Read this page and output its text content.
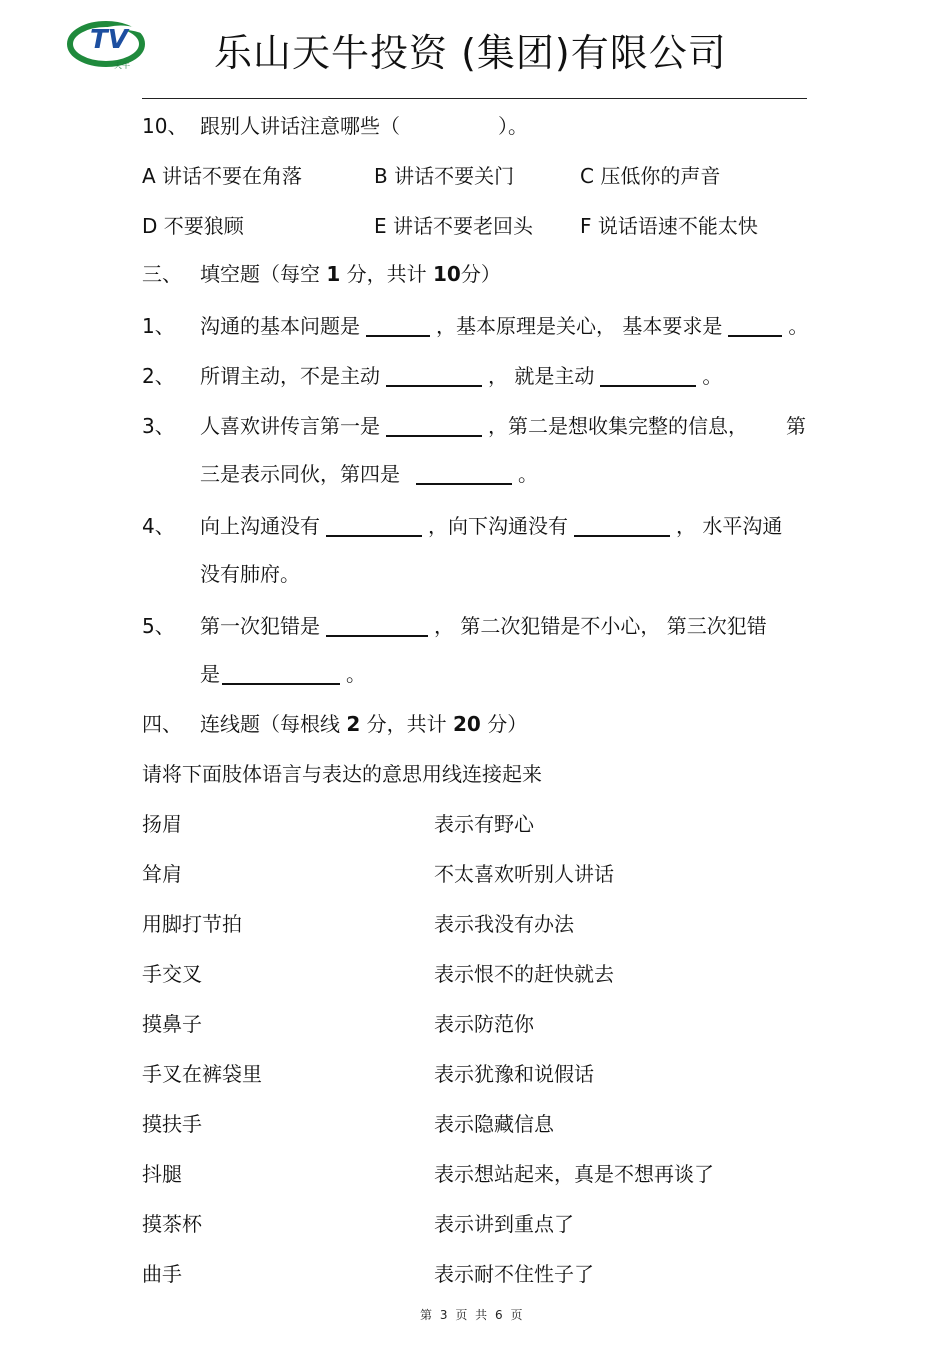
TV
天牛 乐山天牛投资 (集团)有限公司
10、 跟别人讲话注意哪些（	）。
A 讲话不要在角落	B 讲话不要关门	C 压低你的声音
D 不要狼顾	E 讲话不要老回头 F 说话语速不能太快
三、 填空题（每空 1 分，共计 10分）
1、 沟通的基本问题是	，基本原理是关心， 基本要求是	。
2、 所谓主动，不是主动	， 就是主动	。
3、 人喜欢讲传言第一是	，第二是想收集完整的信息， 第
三是表示同伙，第四是	。
4、 向上沟通没有	，向下沟通没有	， 水平沟通
没有肺府。
5、 第一次犯错是	， 第二次犯错是不小心， 第三次犯错
是	。
四、 连线题（每根线 2 分，共计 20 分）
请将下面肢体语言与表达的意思用线连接起来
扬眉	表示有野心
耸肩	不太喜欢听别人讲话
用脚打节拍	表示我没有办法
手交叉	表示恨不的赶快就去
摸鼻子	表示防范你
手叉在裤袋里	表示犹豫和说假话
摸扶手	表示隐藏信息
抖腿	表示想站起来，真是不想再谈了
摸茶杯	表示讲到重点了
曲手	表示耐不住性子了
第 3 页 共 6 页
